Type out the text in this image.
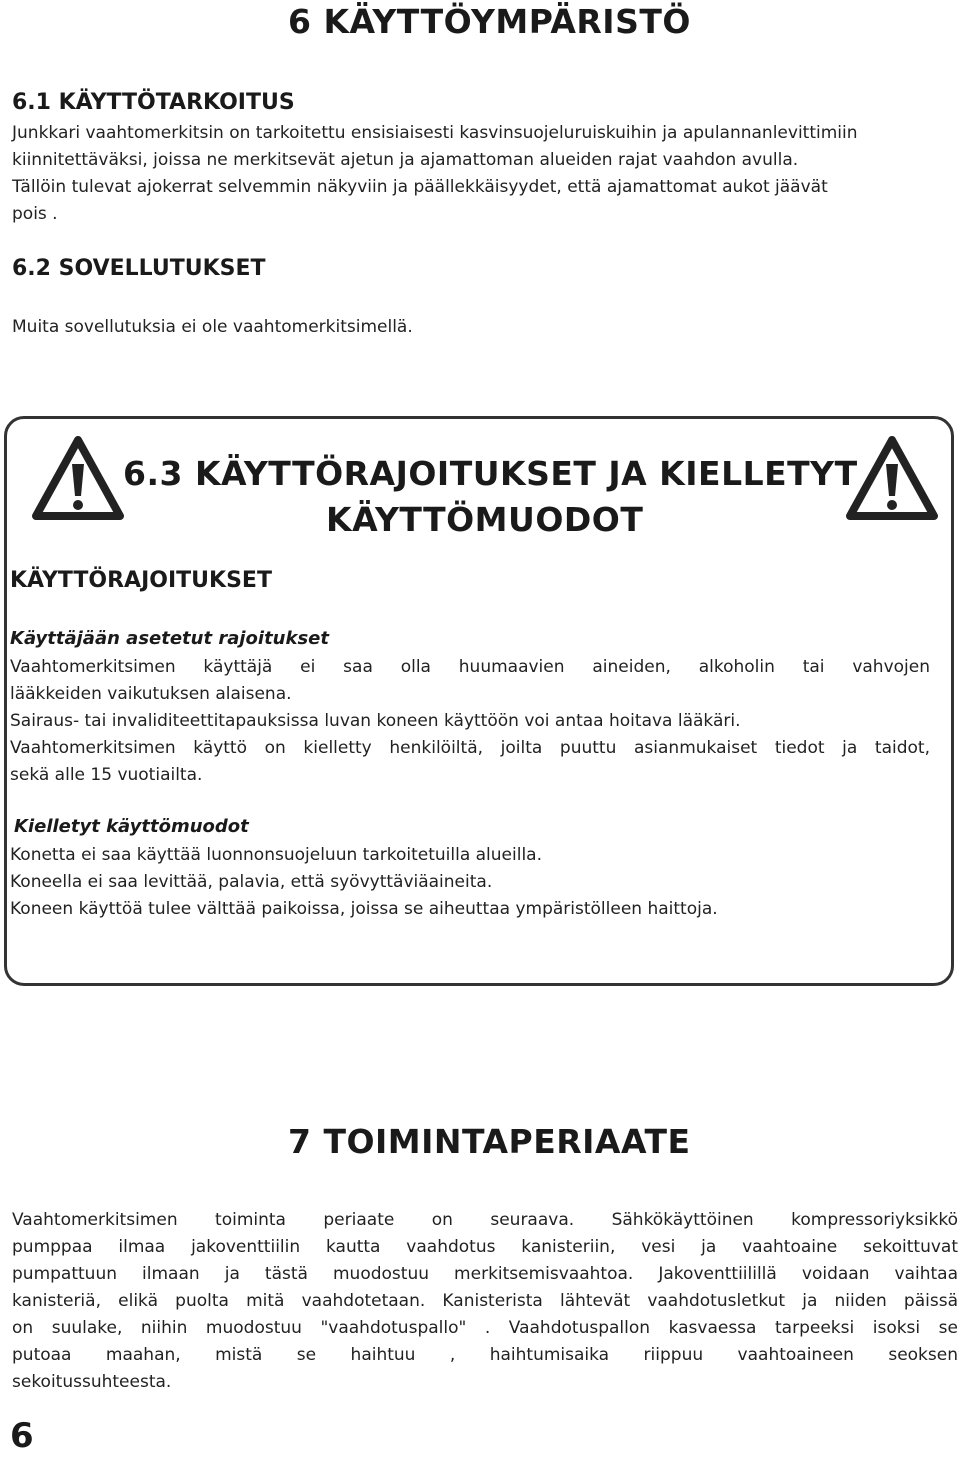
6 KÄYTTÖYMPÄRISTÖ
6.1 KÄYTTÖTARKOITUS
Junkkari vaahtomerkitsin on tarkoitettu ensisiaisesti kasvinsuojeluruiskuihin ja apulannanlevittimiin
kiinnitettäväksi, joissa ne merkitsevät ajetun ja ajamattoman alueiden rajat vaahdon avulla.
Tällöin tulevat ajokerrat selvemmin näkyviin ja päällekkäisyydet, että ajamattomat aukot jäävät
pois .
6.2 SOVELLUTUKSET
Muita sovellutuksia ei ole vaahtomerkitsimellä.
6.3 KÄYTTÖRAJOITUKSET JA KIELLETYT
KÄYTTÖMUODOT
KÄYTTÖRAJOITUKSET
Käyttäjään asetetut rajoitukset
Vaahtomerkitsimen käyttäjä ei saa olla huumaavien aineiden, alkoholin tai vahvojen
lääkkeiden vaikutuksen alaisena.
Sairaus- tai invaliditeettitapauksissa luvan koneen käyttöön voi antaa hoitava lääkäri.
Vaahtomerkitsimen käyttö on kielletty henkilöiltä, joilta puuttu asianmukaiset tiedot ja taidot,
sekä alle 15 vuotiailta.
Kielletyt käyttömuodot
Konetta ei saa käyttää luonnonsuojeluun tarkoitetuilla alueilla.
Koneella ei saa levittää, palavia, että syövyttäviäaineita.
Koneen käyttöä tulee välttää paikoissa, joissa se aiheuttaa ympäristölleen haittoja.
7 TOIMINTAPERIAATE
Vaahtomerkitsimen toiminta periaate on seuraava. Sähkökäyttöinen kompressoriyksikkö
pumppaa ilmaa jakoventtiilin kautta vaahdotus kanisteriin, vesi ja vaahtoaine sekoittuvat
pumpattuun ilmaan ja tästä muodostuu merkitsemisvaahtoa. Jakoventtiilillä voidaan vaihtaa
kanisteriä, elikä puolta mitä vaahdotetaan. Kanisterista lähtevät vaahdotusletkut ja niiden päissä
on suulake, niihin muodostuu "vaahdotuspallo" . Vaahdotuspallon kasvaessa tarpeeksi isoksi se
putoaa maahan, mistä se haihtuu , haihtumisaika riippuu vaahtoaineen seoksen
sekoitussuhteesta.
6
